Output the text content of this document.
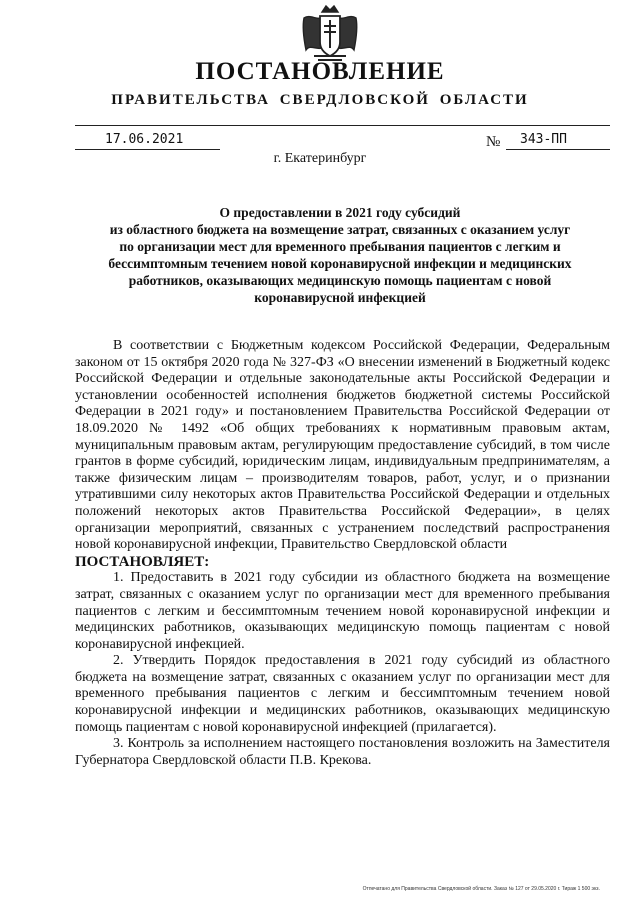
ПОСТАНОВЛЕНИЕ
ПРАВИТЕЛЬСТВА СВЕРДЛОВСКОЙ ОБЛАСТИ
17.06.2021	№ 343-ПП
г. Екатеринбург
О предоставлении в 2021 году субсидий
из областного бюджета на возмещение затрат, связанных с оказанием услуг
по организации мест для временного пребывания пациентов с легким и
бессимптомным течением новой коронавирусной инфекции и медицинских
работников, оказывающих медицинскую помощь пациентам с новой
коронавирусной инфекцией

В соответствии с Бюджетным кодексом Российской Федерации, Федеральным законом от 15 октября 2020 года № 327-ФЗ «О внесении изменений в Бюджетный кодекс Российской Федерации и отдельные законодательные акты Российской Федерации и установлении особенностей исполнения бюджетов бюджетной системы Российской Федерации в 2021 году» и постановлением Правительства Российской Федерации от 18.09.2020 № 1492 «Об общих требованиях к нормативным правовым актам, муниципальным правовым актам, регулирующим предоставление субсидий, в том числе грантов в форме субсидий, юридическим лицам, индивидуальным предпринимателям, а также физическим лицам – производителям товаров, работ, услуг, и о признании утратившими силу некоторых актов Правительства Российской Федерации и отдельных положений некоторых актов Правительства Российской Федерации», в целях организации мероприятий, связанных с устранением последствий распространения новой коронавирусной инфекции, Правительство Свердловской области

ПОСТАНОВЛЯЕТ:

1. Предоставить в 2021 году субсидии из областного бюджета на возмещение затрат, связанных с оказанием услуг по организации мест для временного пребывания пациентов с легким и бессимптомным течением новой коронавирусной инфекции и медицинских работников, оказывающих медицинскую помощь пациентам с новой коронавирусной инфекцией.

2. Утвердить Порядок предоставления в 2021 году субсидий из областного бюджета на возмещение затрат, связанных с оказанием услуг по организации мест для временного пребывания пациентов с легким и бессимптомным течением новой коронавирусной инфекции и медицинских работников, оказывающих медицинскую помощь пациентам с новой коронавирусной инфекцией (прилагается).

3. Контроль за исполнением настоящего постановления возложить на Заместителя Губернатора Свердловской области П.В. Крекова.

Отпечатано для Правительства Свердловской области. Заказ № 127 от 29.05.2020 г. Тираж 1 500 экз.
